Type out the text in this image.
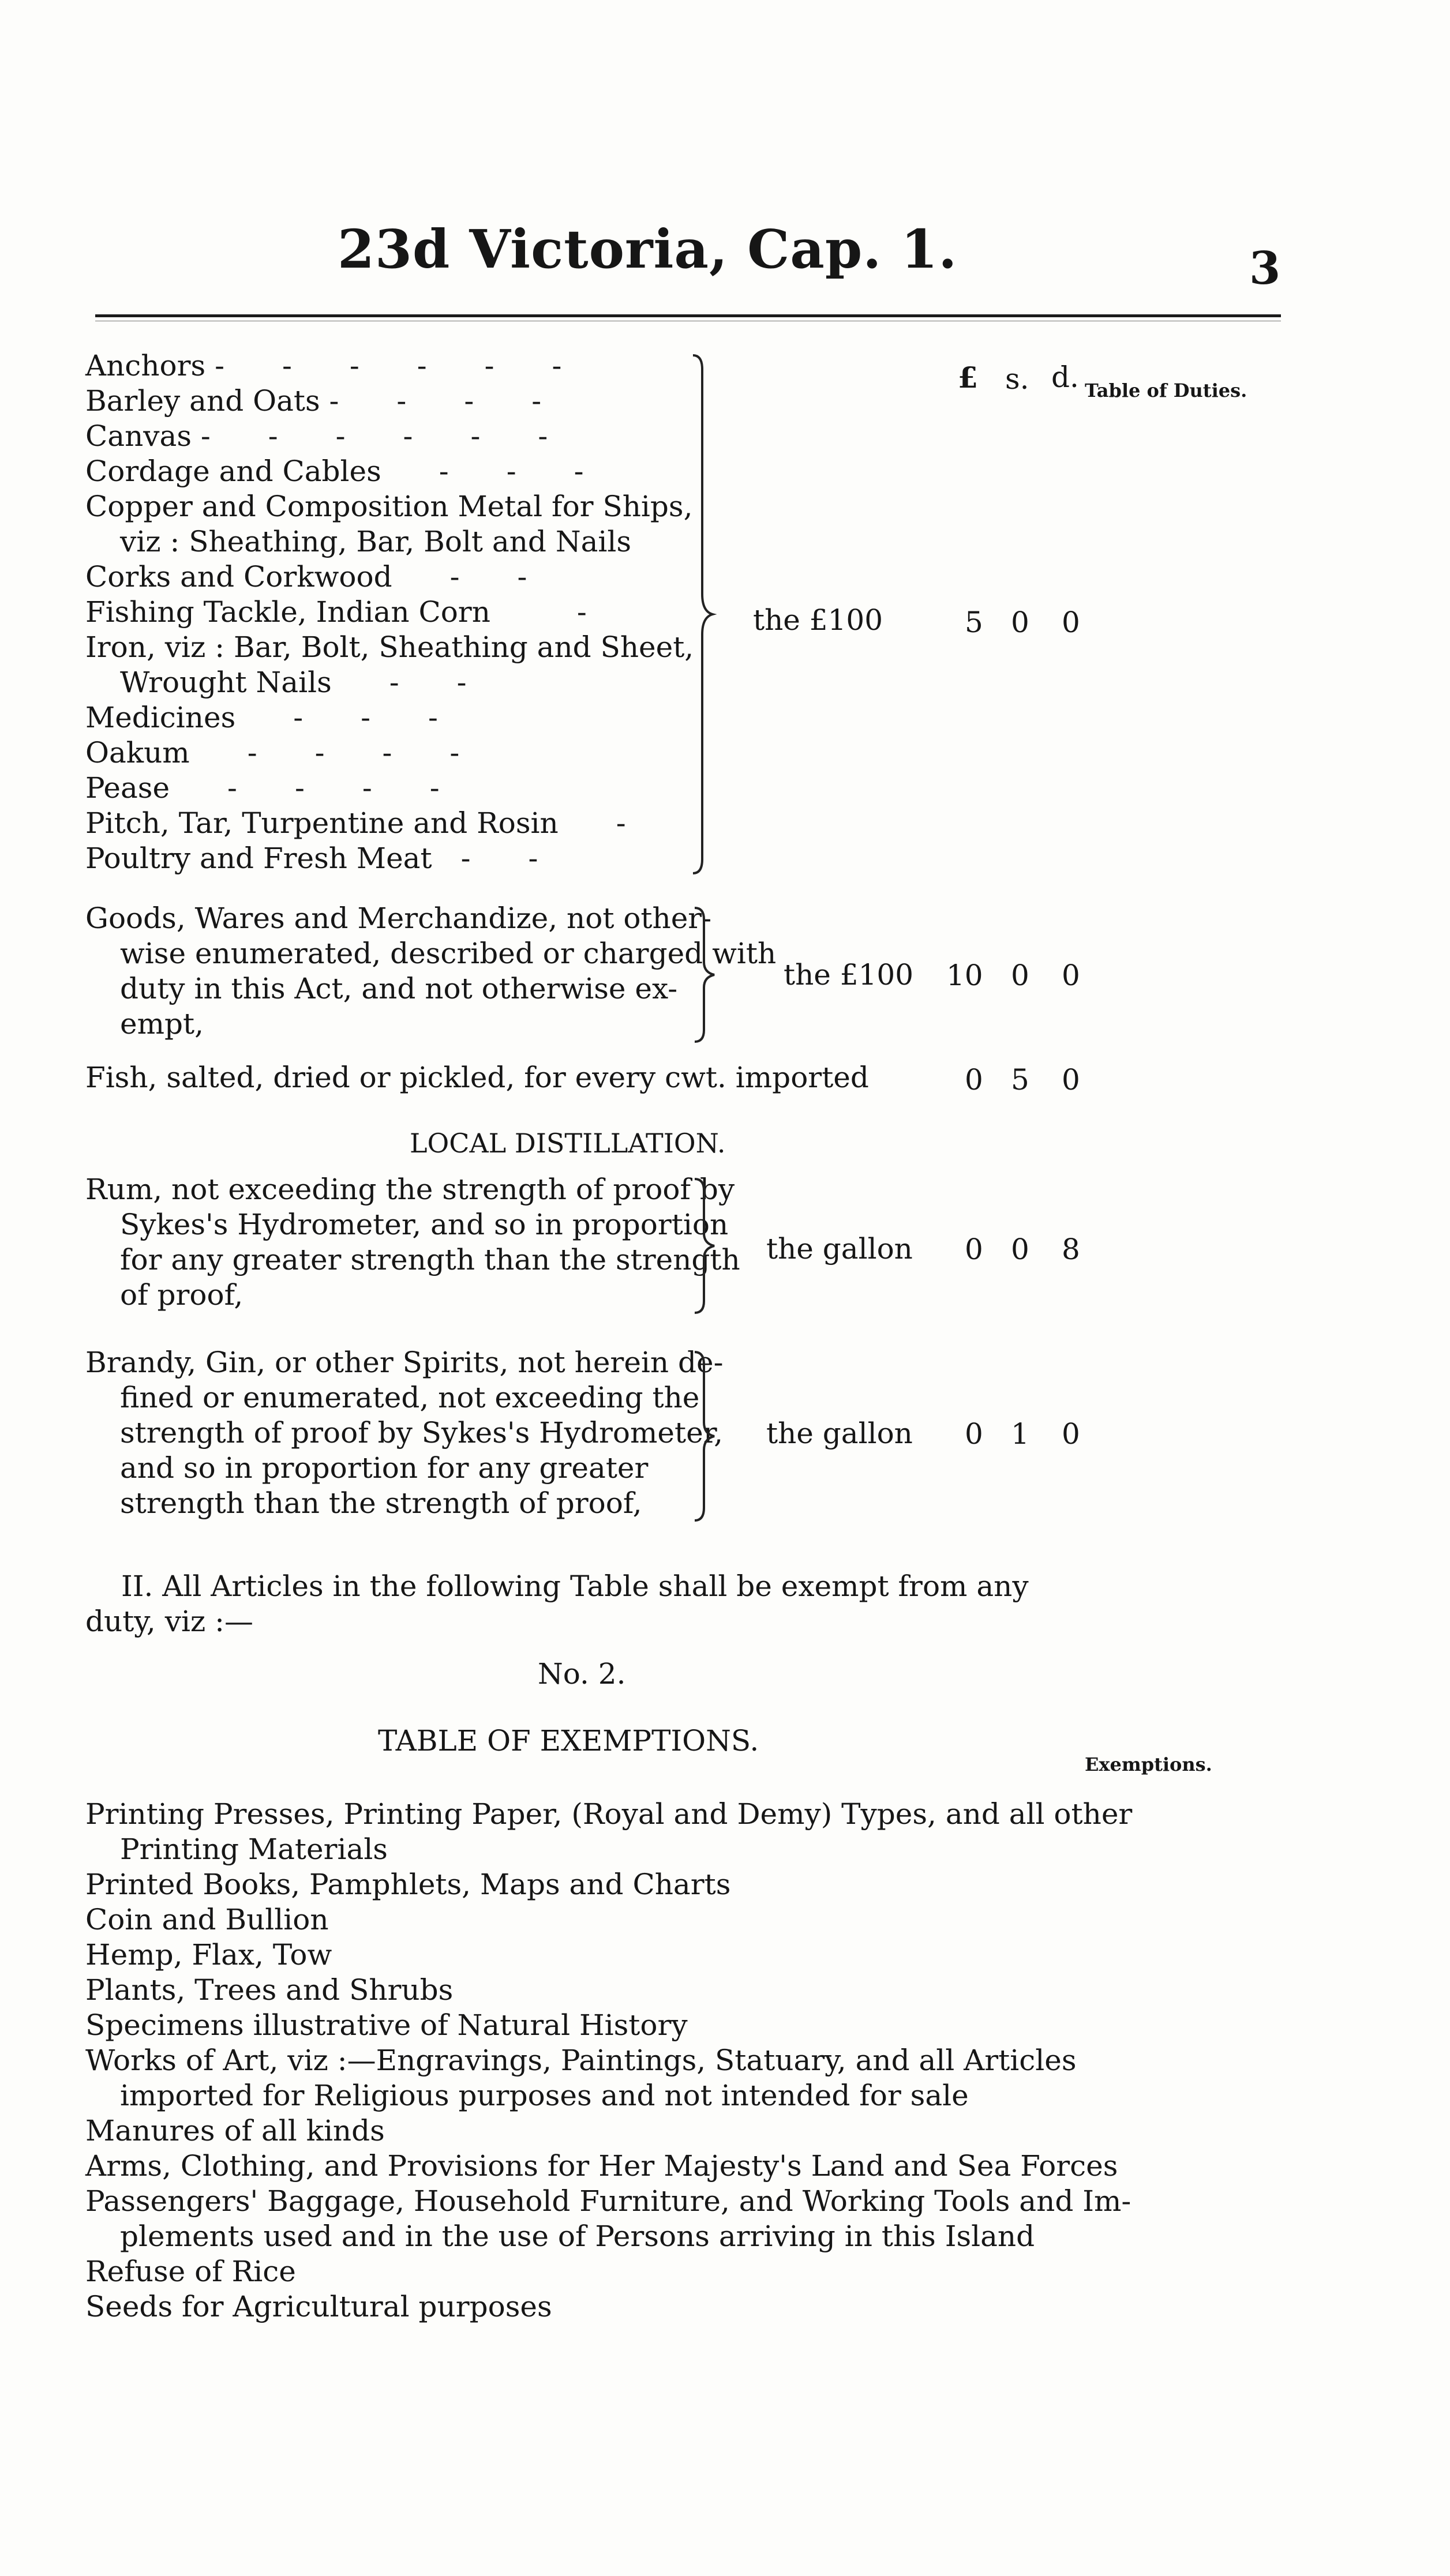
23d Victoria, Cap. 1.	3
£ s. d. Table of Duties.
Anchors -  -  -  -  -  -
Barley and Oats -  -  -  -
Canvas -  -  -  -  -  -
Cordage and Cables  -  -  -
Copper and Composition Metal for Ships,
viz : Sheathing, Bar, Bolt and Nails
Corks and Corkwood  -  -
Fishing Tackle, Indian Corn   -
Iron, viz : Bar, Bolt, Sheathing and Sheet,
Wrought Nails  -  -
Medicines  -  -  -
Oakum  -  -  -  -
Pease  -  -  -  -
Pitch, Tar, Turpentine and Rosin  -
Poultry and Fresh Meat -  -
the £100	5 0 0
Goods, Wares and Merchandize, not other-
wise enumerated, described or charged with
duty in this Act, and not otherwise ex-
empt,
the £100 10 0 0
Fish, salted, dried or pickled, for every cwt. imported	0 5 0
LOCAL DISTILLATION.
Rum, not exceeding the strength of proof by
Sykes's Hydrometer, and so in proportion
for any greater strength than the strength
of proof,
the gallon 0 0 8
Brandy, Gin, or other Spirits, not herein de-
fined or enumerated, not exceeding the
strength of proof by Sykes's Hydrometer,
and so in proportion for any greater
strength than the strength of proof,
the gallon 0 1 0
II. All Articles in the following Table shall be exempt from any
duty, viz :—
No. 2.
TABLE OF EXEMPTIONS.
Exemptions.
Printing Presses, Printing Paper, (Royal and Demy) Types, and all other
Printing Materials
Printed Books, Pamphlets, Maps and Charts
Coin and Bullion
Hemp, Flax, Tow
Plants, Trees and Shrubs
Specimens illustrative of Natural History
Works of Art, viz :—Engravings, Paintings, Statuary, and all Articles
imported for Religious purposes and not intended for sale
Manures of all kinds
Arms, Clothing, and Provisions for Her Majesty's Land and Sea Forces
Passengers' Baggage, Household Furniture, and Working Tools and Im-
plements used and in the use of Persons arriving in this Island
Refuse of Rice
Seeds for Agricultural purposes
